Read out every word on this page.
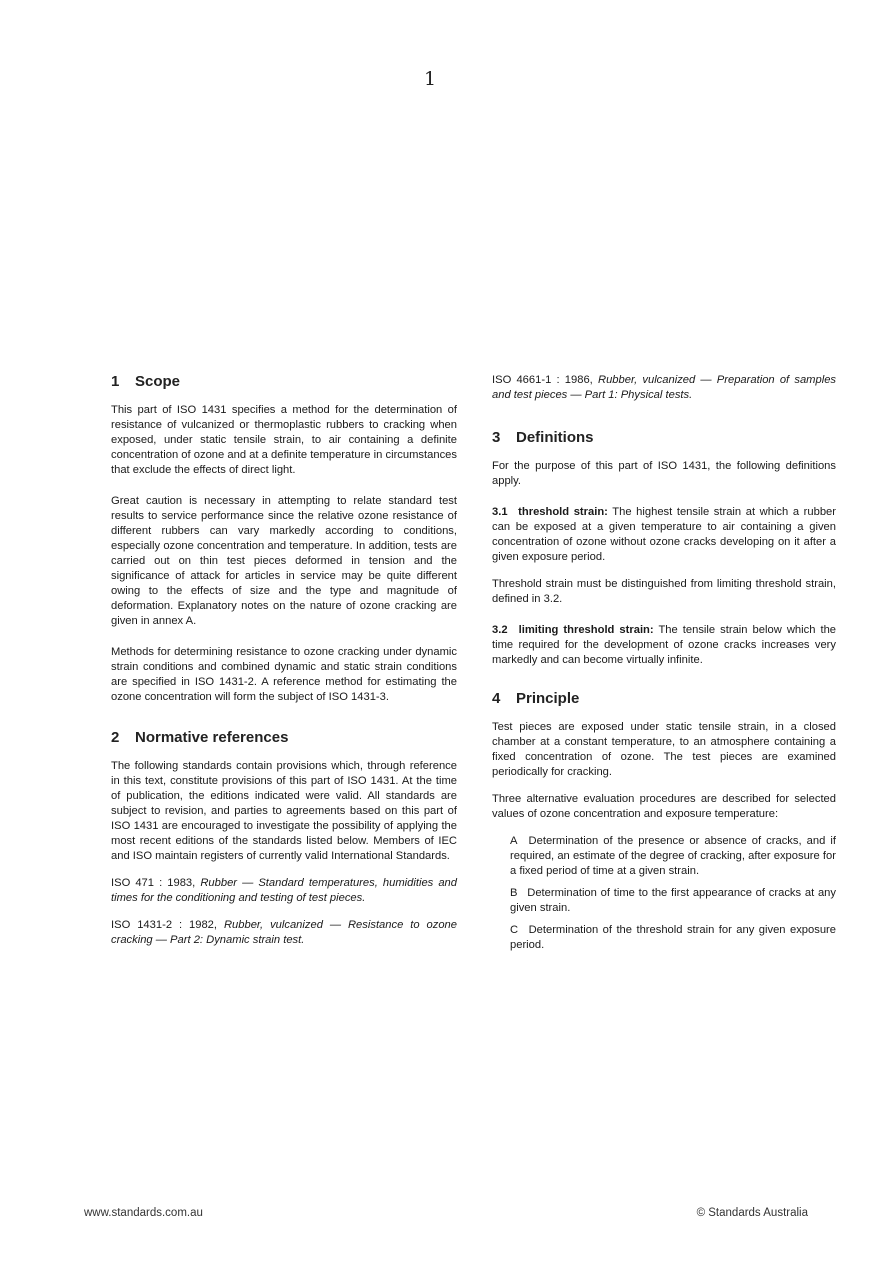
1
1 Scope

This part of ISO 1431 specifies a method for the determination of resistance of vulcanized or thermoplastic rubbers to cracking when exposed, under static tensile strain, to air containing a definite concentration of ozone and at a definite temperature in circumstances that exclude the effects of direct light.

Great caution is necessary in attempting to relate standard test results to service performance since the relative ozone resistance of different rubbers can vary markedly according to conditions, especially ozone concentration and temperature. In addition, tests are carried out on thin test pieces deformed in tension and the significance of attack for articles in service may be quite different owing to the effects of size and the type and magnitude of deformation. Explanatory notes on the nature of ozone cracking are given in annex A.

Methods for determining resistance to ozone cracking under dynamic strain conditions and combined dynamic and static strain conditions are specified in ISO 1431-2. A reference method for estimating the ozone concentration will form the subject of ISO 1431-3.

2 Normative references

The following standards contain provisions which, through reference in this text, constitute provisions of this part of ISO 1431. At the time of publication, the editions indicated were valid. All standards are subject to revision, and parties to agreements based on this part of ISO 1431 are encouraged to investigate the possibility of applying the most recent editions of the standards listed below. Members of IEC and ISO maintain registers of currently valid International Standards.

ISO 471 : 1983, Rubber — Standard temperatures, humidities and times for the conditioning and testing of test pieces.

ISO 1431-2 : 1982, Rubber, vulcanized — Resistance to ozone cracking — Part 2: Dynamic strain test.

ISO 4661-1 : 1986, Rubber, vulcanized — Preparation of samples and test pieces — Part 1: Physical tests.

3 Definitions

For the purpose of this part of ISO 1431, the following definitions apply.

3.1 threshold strain: The highest tensile strain at which a rubber can be exposed at a given temperature to air containing a given concentration of ozone without ozone cracks developing on it after a given exposure period.

Threshold strain must be distinguished from limiting threshold strain, defined in 3.2.

3.2 limiting threshold strain: The tensile strain below which the time required for the development of ozone cracks increases very markedly and can become virtually infinite.

4 Principle

Test pieces are exposed under static tensile strain, in a closed chamber at a constant temperature, to an atmosphere containing a fixed concentration of ozone. The test pieces are examined periodically for cracking.

Three alternative evaluation procedures are described for selected values of ozone concentration and exposure temperature:

A Determination of the presence or absence of cracks, and if required, an estimate of the degree of cracking, after exposure for a fixed period of time at a given strain.

B Determination of time to the first appearance of cracks at any given strain.

C Determination of the threshold strain for any given exposure period.

www.standards.com.au	© Standards Australia
